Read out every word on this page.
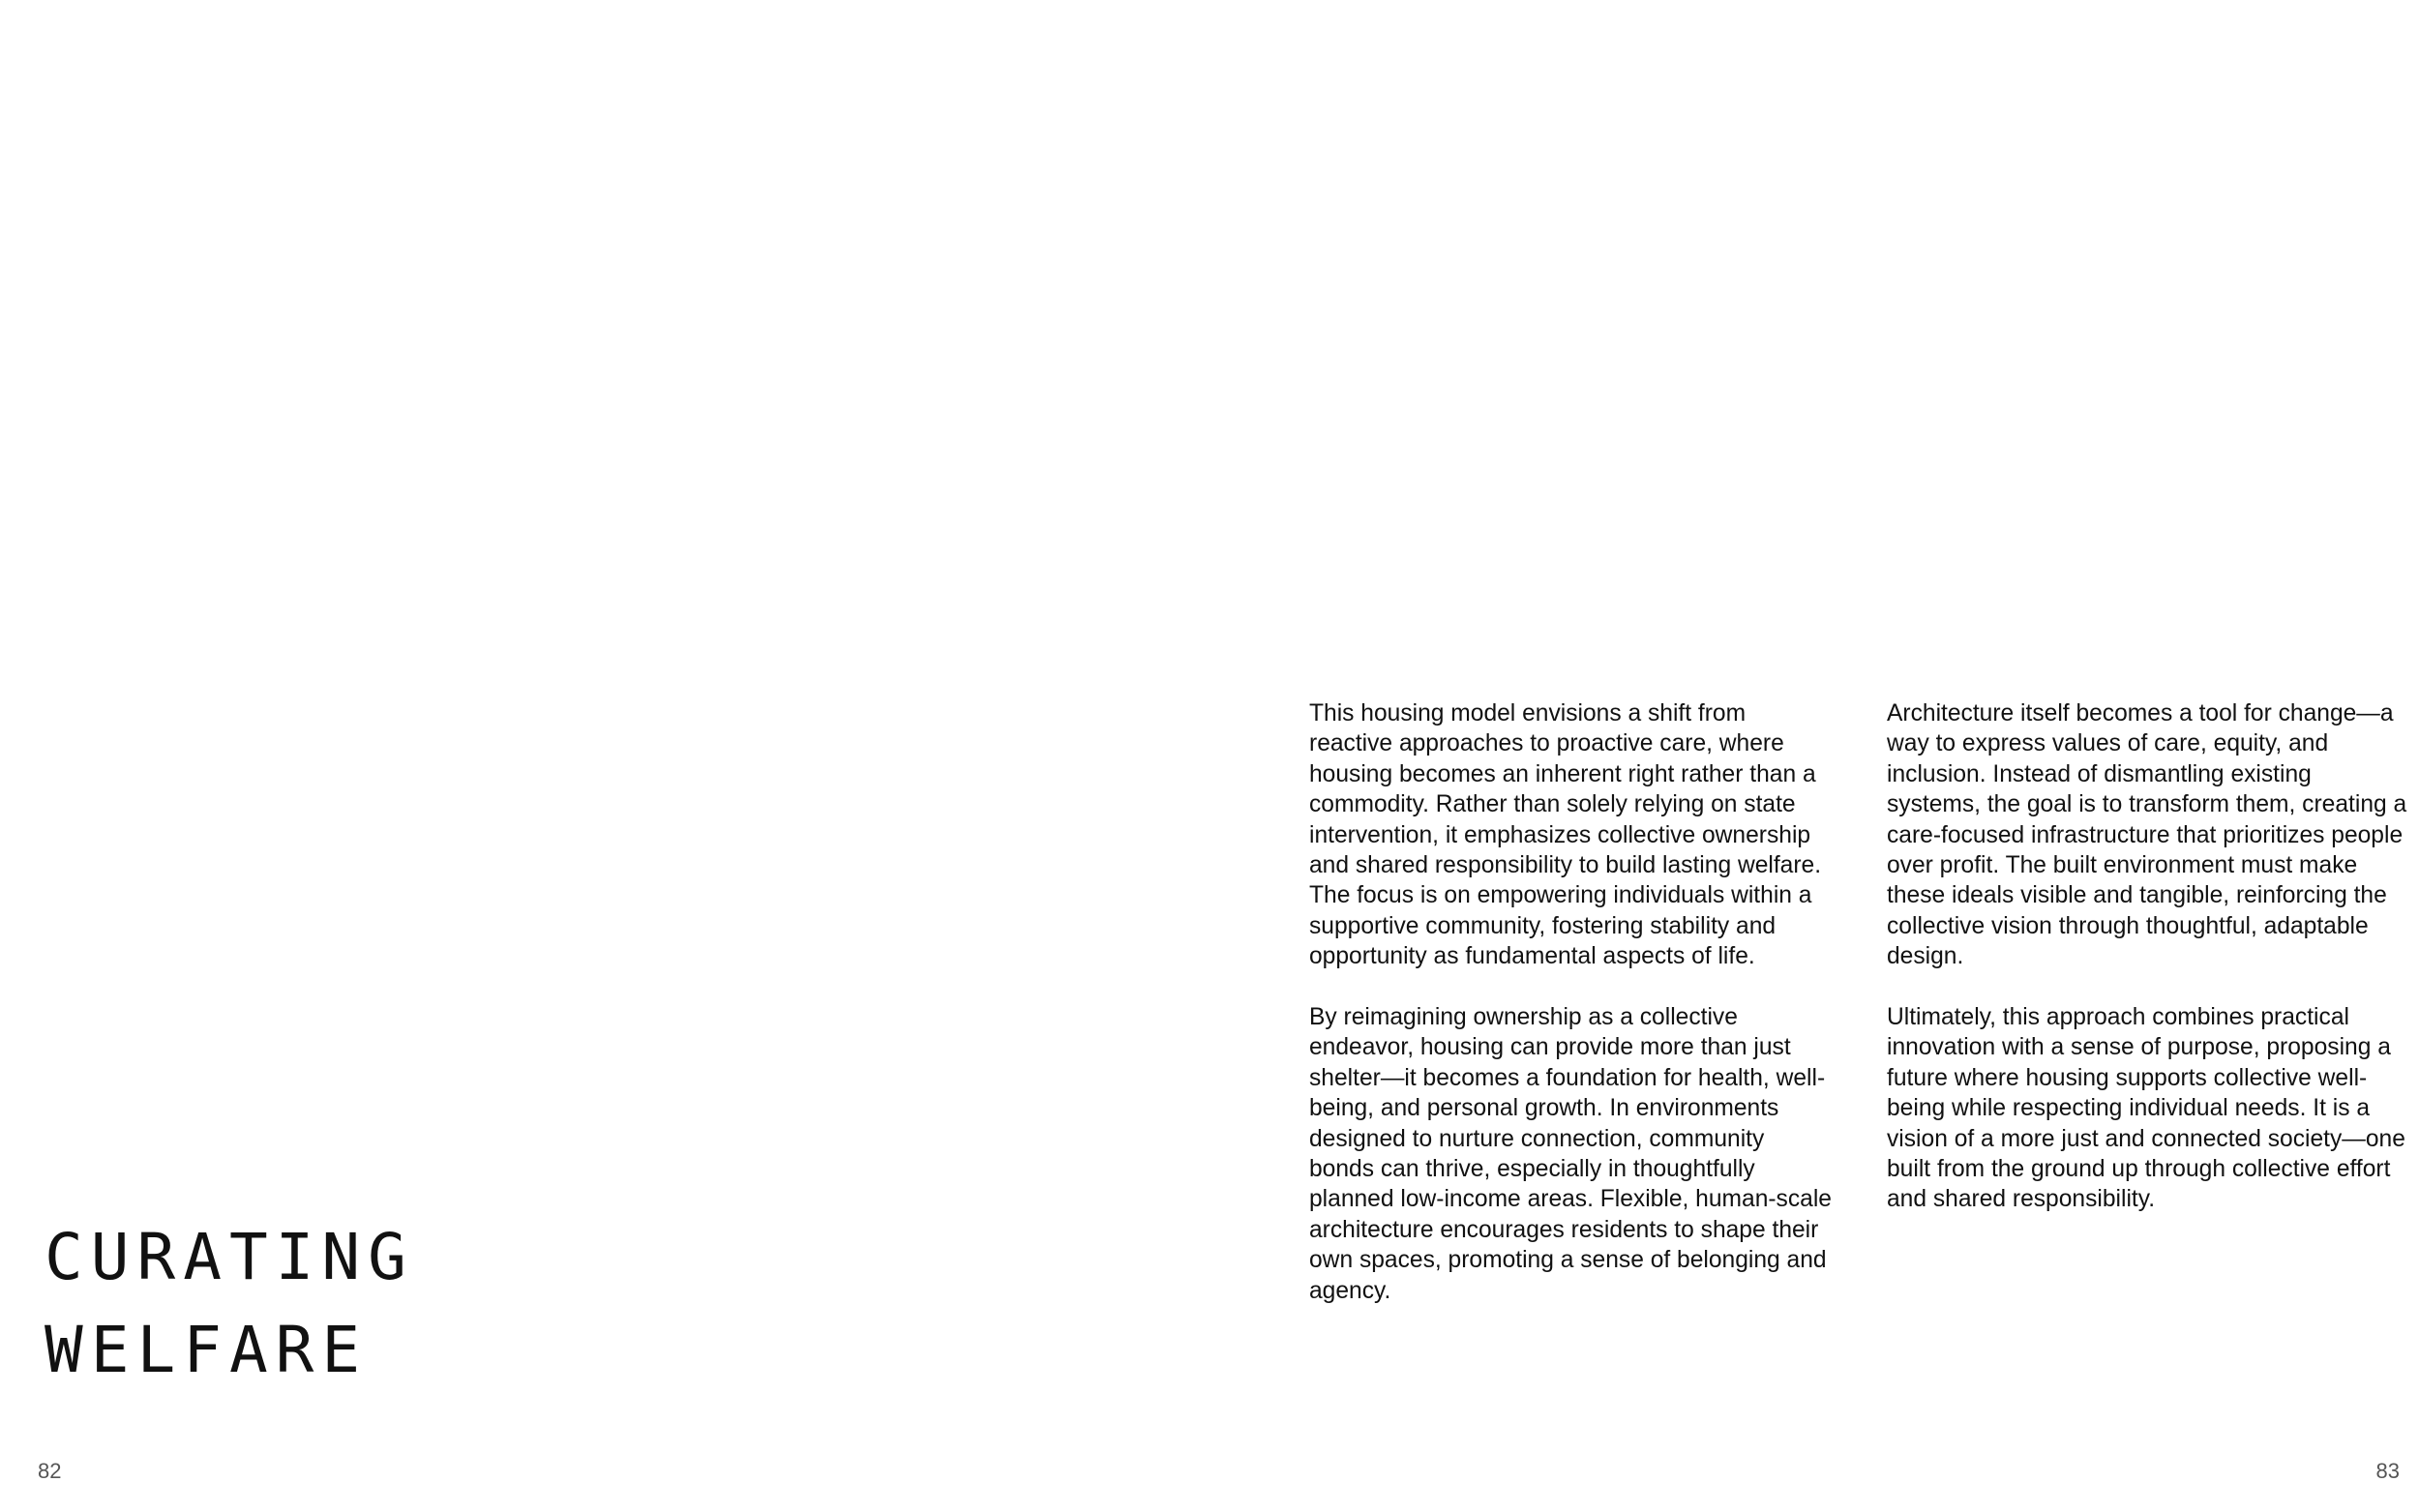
CURATING
WELFARE
82

This housing model envisions a shift from reactive approaches to proactive care, where housing becomes an inherent right rather than a commodity. Rather than solely relying on state intervention, it emphasizes collective ownership and shared responsibility to build lasting welfare. The focus is on empowering individuals within a supportive community, fostering stability and opportunity as fundamental aspects of life.

By reimagining ownership as a collective endeavor, housing can provide more than just shelter—it becomes a foundation for health, well-being, and personal growth. In environments designed to nurture connection, community bonds can thrive, especially in thoughtfully planned low-income areas. Flexible, human-scale architecture encourages residents to shape their own spaces, promoting a sense of belonging and agency.

Architecture itself becomes a tool for change—a way to express values of care, equity, and inclusion. Instead of dismantling existing systems, the goal is to transform them, creating a care-focused infrastructure that prioritizes people over profit. The built environment must make these ideals visible and tangible, reinforcing the collective vision through thoughtful, adaptable design.

Ultimately, this approach combines practical innovation with a sense of purpose, proposing a future where housing supports collective well-being while respecting individual needs. It is a vision of a more just and connected society—one built from the ground up through collective effort and shared responsibility.

83
